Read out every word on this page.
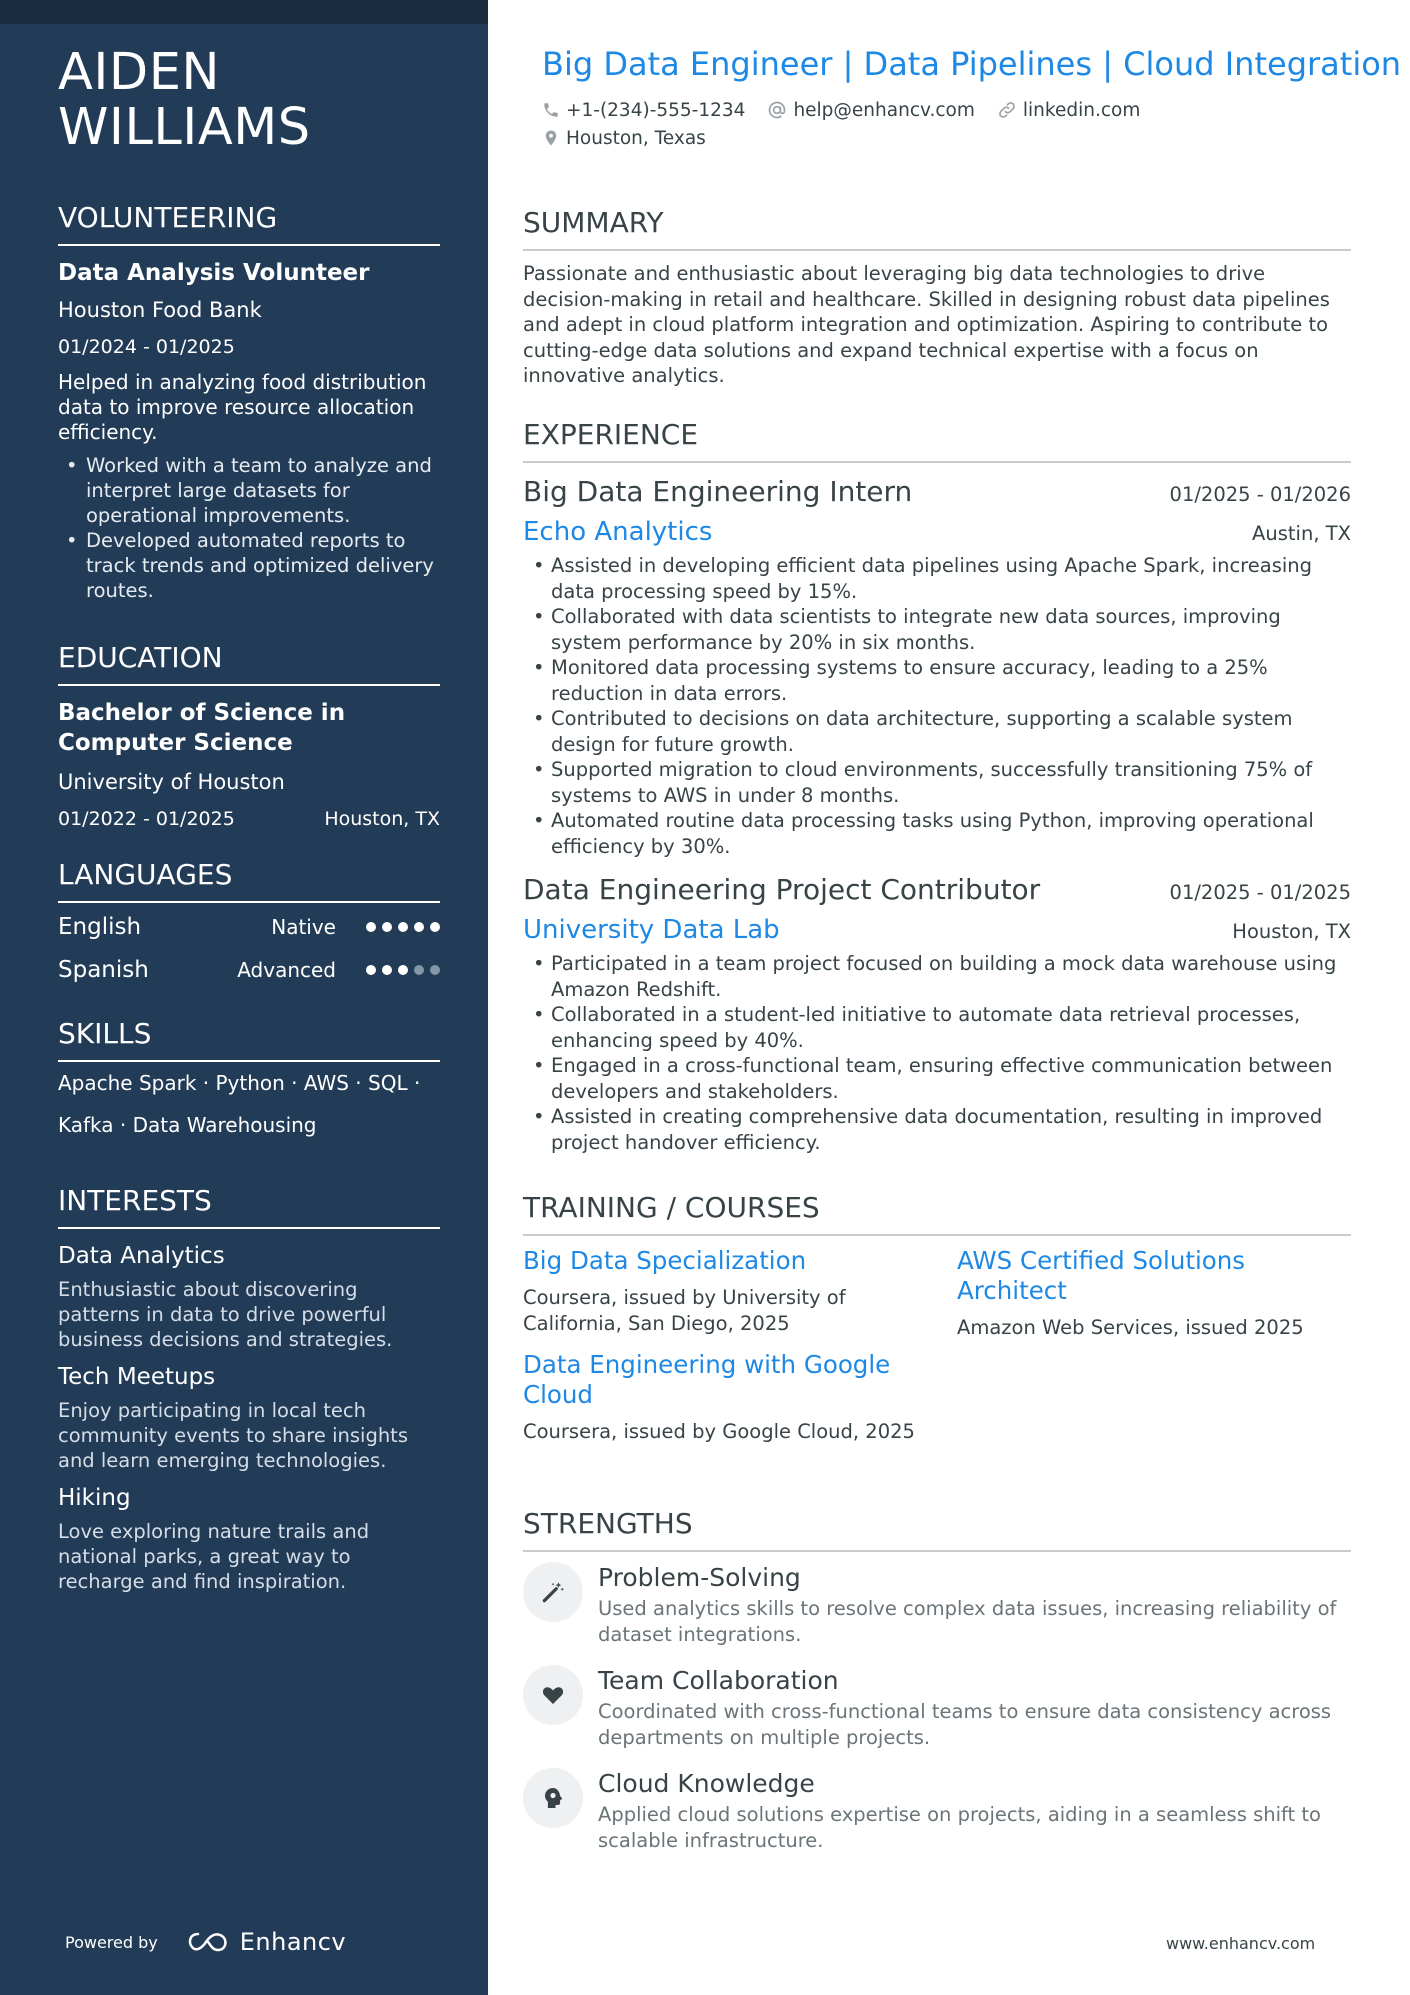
AIDEN
WILLIAMS
VOLUNTEERING
Data Analysis Volunteer
Houston Food Bank
01/2024 - 01/2025
Helped in analyzing food distribution data to improve resource allocation efficiency.
• Worked with a team to analyze and interpret large datasets for operational improvements.
• Developed automated reports to track trends and optimized delivery routes.
EDUCATION
Bachelor of Science in Computer Science
University of Houston
01/2022 - 01/2025	Houston, TX
LANGUAGES
English	Native
Spanish	Advanced
SKILLS
Apache Spark · Python · AWS · SQL ·
Kafka · Data Warehousing
INTERESTS
Data Analytics
Enthusiastic about discovering patterns in data to drive powerful business decisions and strategies.
Tech Meetups
Enjoy participating in local tech community events to share insights and learn emerging technologies.
Hiking
Love exploring nature trails and national parks, a great way to recharge and find inspiration.
Powered by	Enhancv
Big Data Engineer | Data Pipelines | Cloud Integration
+1-(234)-555-1234	help@enhancv.com	linkedin.com
Houston, Texas
SUMMARY
Passionate and enthusiastic about leveraging big data technologies to drive decision-making in retail and healthcare. Skilled in designing robust data pipelines and adept in cloud platform integration and optimization. Aspiring to contribute to cutting-edge data solutions and expand technical expertise with a focus on innovative analytics.
EXPERIENCE
Big Data Engineering Intern	01/2025 - 01/2026
Echo Analytics	Austin, TX
• Assisted in developing efficient data pipelines using Apache Spark, increasing data processing speed by 15%.
• Collaborated with data scientists to integrate new data sources, improving system performance by 20% in six months.
• Monitored data processing systems to ensure accuracy, leading to a 25% reduction in data errors.
• Contributed to decisions on data architecture, supporting a scalable system design for future growth.
• Supported migration to cloud environments, successfully transitioning 75% of systems to AWS in under 8 months.
• Automated routine data processing tasks using Python, improving operational efficiency by 30%.
Data Engineering Project Contributor	01/2025 - 01/2025
University Data Lab	Houston, TX
• Participated in a team project focused on building a mock data warehouse using Amazon Redshift.
• Collaborated in a student-led initiative to automate data retrieval processes, enhancing speed by 40%.
• Engaged in a cross-functional team, ensuring effective communication between developers and stakeholders.
• Assisted in creating comprehensive data documentation, resulting in improved project handover efficiency.
TRAINING / COURSES
Big Data Specialization
Coursera, issued by University of California, San Diego, 2025
Data Engineering with Google Cloud
Coursera, issued by Google Cloud, 2025
AWS Certified Solutions Architect
Amazon Web Services, issued 2025
STRENGTHS
Problem-Solving
Used analytics skills to resolve complex data issues, increasing reliability of dataset integrations.
Team Collaboration
Coordinated with cross-functional teams to ensure data consistency across departments on multiple projects.
Cloud Knowledge
Applied cloud solutions expertise on projects, aiding in a seamless shift to scalable infrastructure.
www.enhancv.com
